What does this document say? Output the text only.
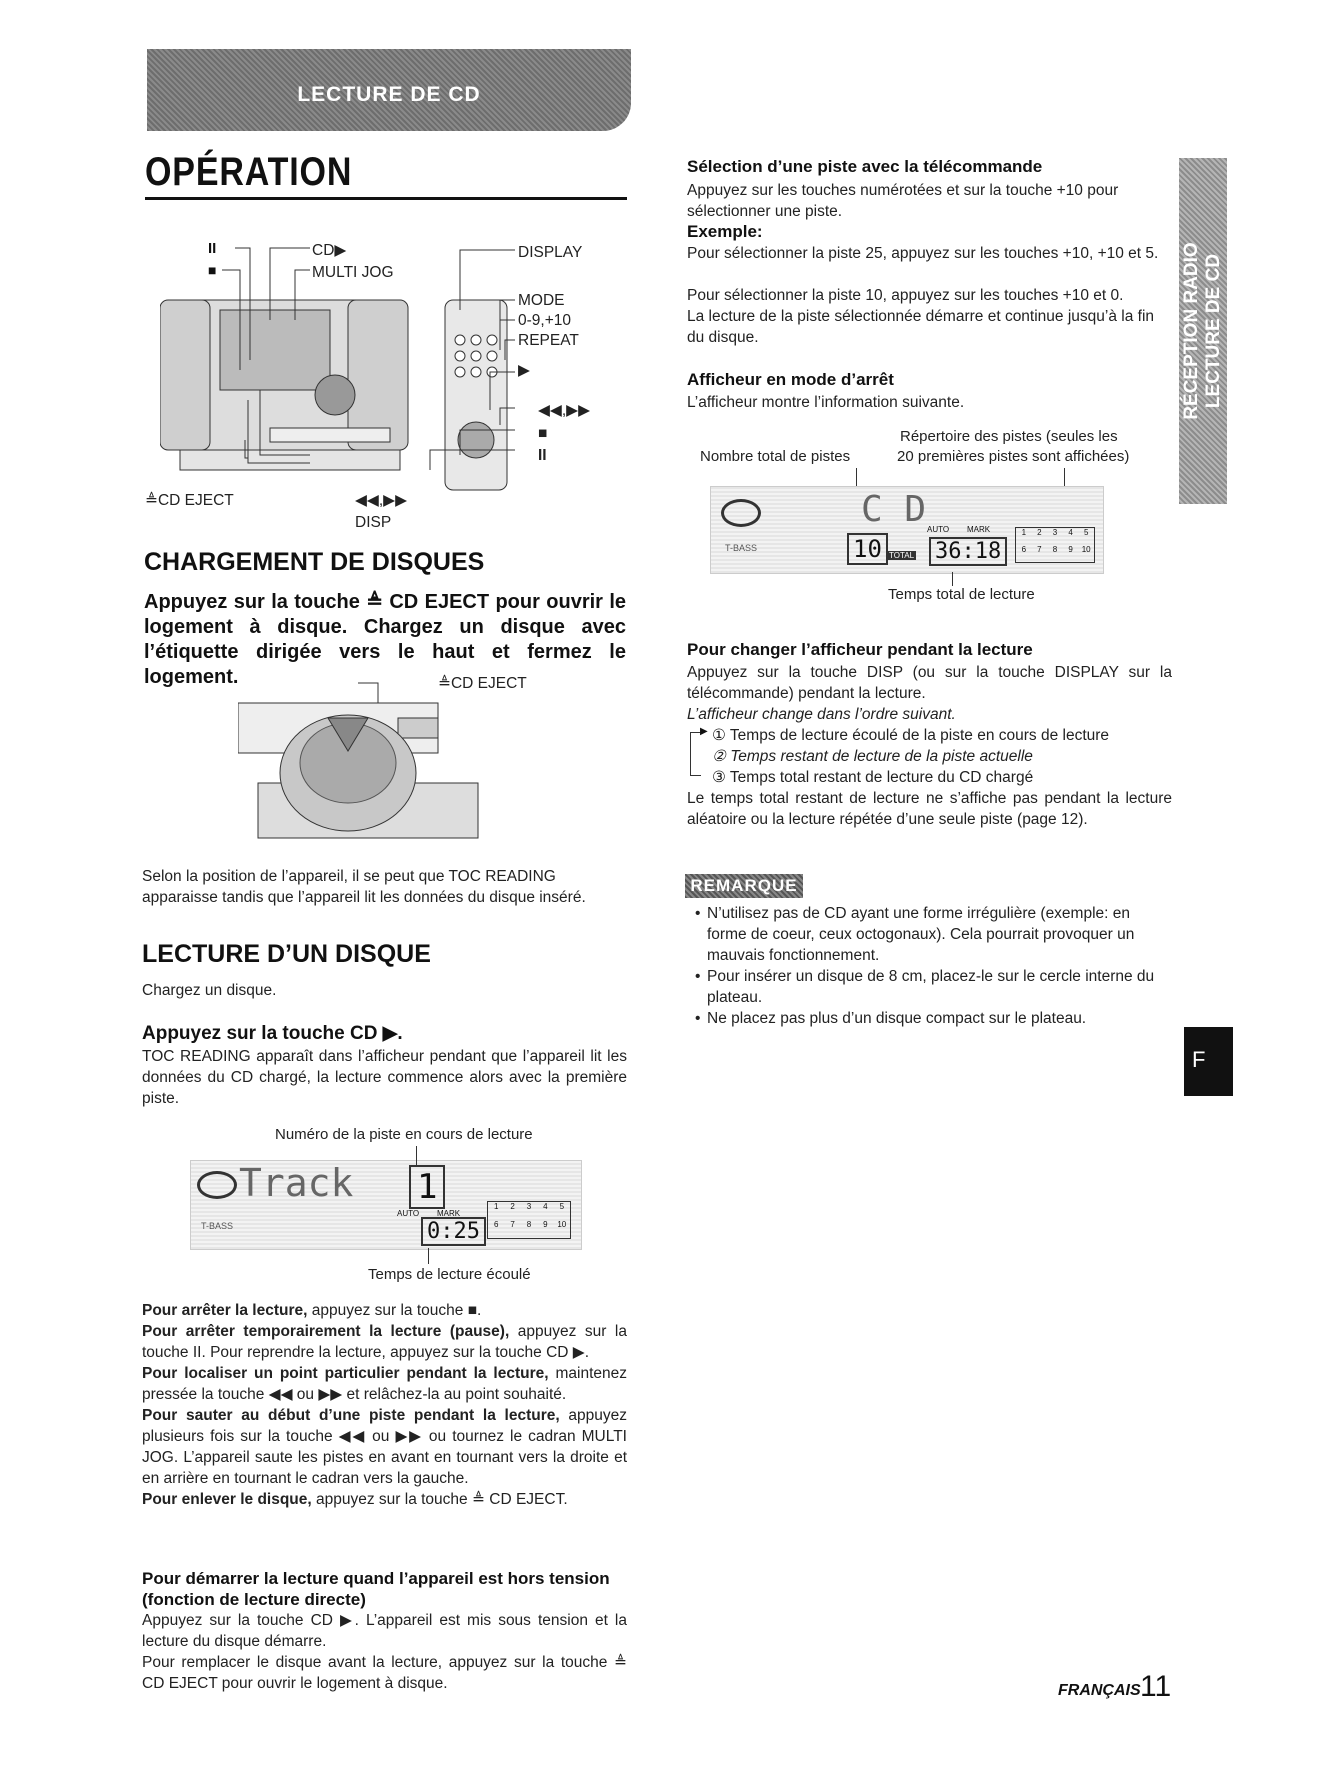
LECTURE DE CD
OPÉRATION
RÉCEPTION RADIO LECTURE DE CD
F
II
■
CD▶
MULTI JOG
DISPLAY
MODE
0-9,+10
REPEAT
▶
◀◀,▶▶
■
II
≜CD EJECT	◀◀,▶▶
DISP
CHARGEMENT DE DISQUES
Appuyez sur la touche ≜ CD EJECT pour ouvrir le logement à disque. Chargez un disque avec l’étiquette dirigée vers le haut et fermez le logement.	≜CD EJECT
Selon la position de l’appareil, il se peut que TOC READING apparaisse tandis que l’appareil lit les données du disque inséré.
LECTURE D’UN DISQUE
Chargez un disque.
Appuyez sur la touche CD ▶.
TOC READING apparaît dans l’afficheur pendant que l’appareil lit les données du CD chargé, la lecture commence alors avec la première piste.
Numéro de la piste en cours de lecture
Track 1
AUTO MARK
T-BASS	0:25
1	2	3	4	5
6	7	8	9	10
Temps de lecture écoulé
Pour arrêter la lecture, appuyez sur la touche ■.
Pour arrêter temporairement la lecture (pause), appuyez sur la touche II. Pour reprendre la lecture, appuyez sur la touche CD ▶.
Pour localiser un point particulier pendant la lecture, maintenez pressée la touche ◀◀ ou ▶▶ et relâchez-la au point souhaité.
Pour sauter au début d’une piste pendant la lecture, appuyez plusieurs fois sur la touche ◀◀ ou ▶▶ ou tournez le cadran MULTI JOG. L’appareil saute les pistes en avant en tournant vers la droite et en arrière en tournant le cadran vers la gauche.
Pour enlever le disque, appuyez sur la touche ≜ CD EJECT.
Pour démarrer la lecture quand l’appareil est hors tension (fonction de lecture directe)
Appuyez sur la touche CD ▶. L’appareil est mis sous tension et la lecture du disque démarre.
Pour remplacer le disque avant la lecture, appuyez sur la touche ≜ CD EJECT pour ouvrir le logement à disque.
Sélection d’une piste avec la télécommande
Appuyez sur les touches numérotées et sur la touche +10 pour sélectionner une piste.
Exemple:
Pour sélectionner la piste 25, appuyez sur les touches +10, +10 et 5.
Pour sélectionner la piste 10, appuyez sur les touches +10 et 0.
La lecture de la piste sélectionnée démarre et continue jusqu’à la fin du disque.
Afficheur en mode d’arrêt
L’afficheur montre l’information suivante.
Répertoire des pistes (seules les
Nombre total de pistes	20 premières pistes sont affichées)
C D
T-BASS	10 TOTAL
AUTO MARK
36:18
1	2	3	4	5
6	7	8	9	10
Temps total de lecture
Pour changer l’afficheur pendant la lecture
Appuyez sur la touche DISP (ou sur la touche DISPLAY sur la télécommande) pendant la lecture.
L’afficheur change dans l’ordre suivant.
▶ ① Temps de lecture écoulé de la piste en cours de lecture
② Temps restant de lecture de la piste actuelle
③ Temps total restant de lecture du CD chargé
Le temps total restant de lecture ne s’affiche pas pendant la lecture aléatoire ou la lecture répétée d’une seule piste (page 12).
REMARQUE
• N’utilisez pas de CD ayant une forme irrégulière (exemple: en forme de coeur, ceux octogonaux). Cela pourrait provoquer un mauvais fonctionnement.
• Pour insérer un disque de 8 cm, placez-le sur le cercle interne du plateau.
• Ne placez pas plus d’un disque compact sur le plateau.
FRANÇAIS 11
